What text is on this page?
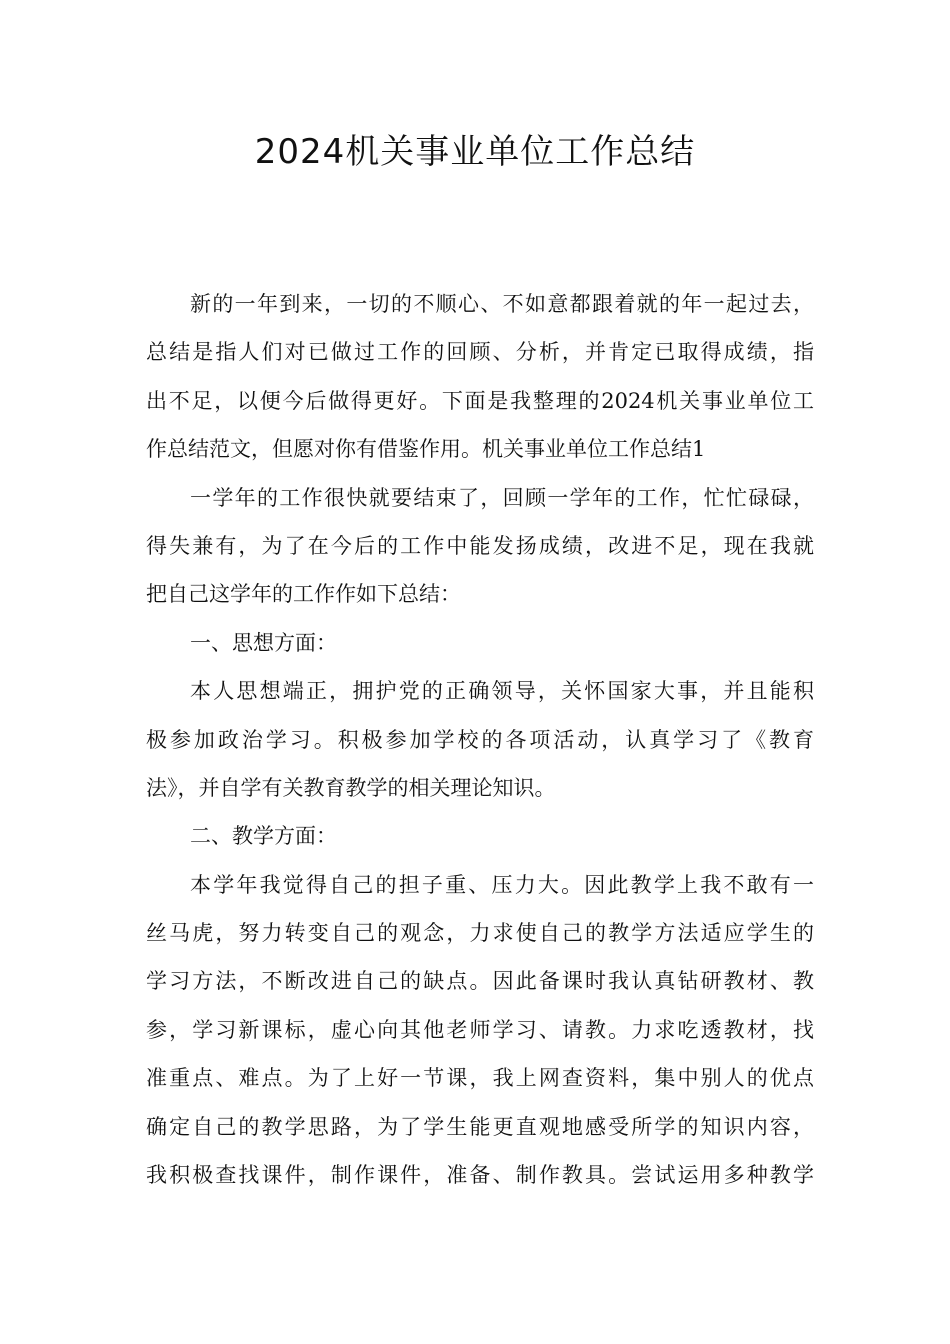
2024机关事业单位工作总结
新的一年到来，一切的不顺心、不如意都跟着就的年一起过去，
总结是指人们对已做过工作的回顾、分析，并肯定已取得成绩，指
出不足，以便今后做得更好。下面是我整理的2024机关事业单位工
作总结范文，但愿对你有借鉴作用。机关事业单位工作总结1
一学年的工作很快就要结束了，回顾一学年的工作，忙忙碌碌，
得失兼有，为了在今后的工作中能发扬成绩，改进不足，现在我就
把自己这学年的工作作如下总结：
一、思想方面：
本人思想端正，拥护党的正确领导，关怀国家大事，并且能积
极参加政治学习。积极参加学校的各项活动，认真学习了《教育
法》，并自学有关教育教学的相关理论知识。
二、教学方面：
本学年我觉得自己的担子重、压力大。因此教学上我不敢有一
丝马虎，努力转变自己的观念，力求使自己的教学方法适应学生的
学习方法，不断改进自己的缺点。因此备课时我认真钻研教材、教
参，学习新课标，虚心向其他老师学习、请教。力求吃透教材，找
准重点、难点。为了上好一节课，我上网查资料，集中别人的优点
确定自己的教学思路，为了学生能更直观地感受所学的知识内容，
我积极查找课件，制作课件，准备、制作教具。尝试运用多种教学
